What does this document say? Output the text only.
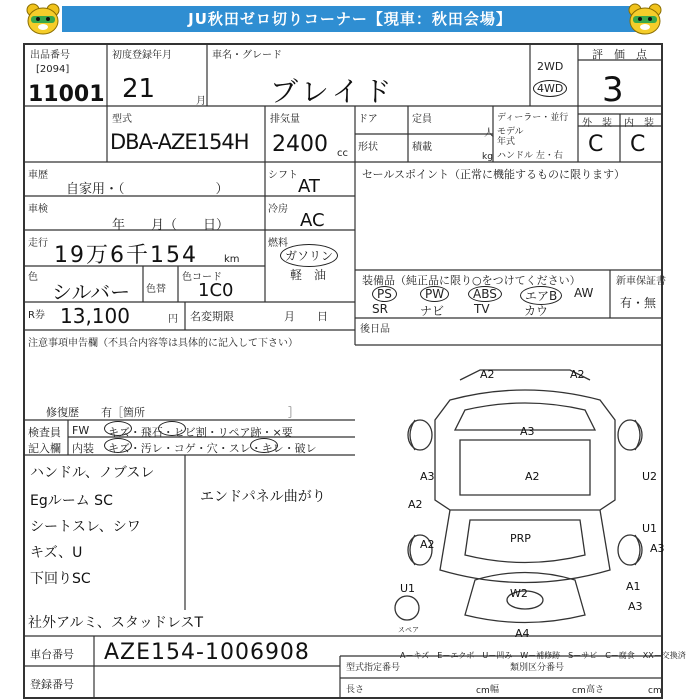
JU秋田ゼロ切りコーナー【現車：秋田会場】
出品番号
[2094]
11001
初度登録年月
21	月
車名・グレード
ブレイド
2WD
4WD
評　価　点
3
外　装 内　装
C C
型式
DBA-AZE154H
排気量
2400 cc
ドア	定員
人
形状	積載
kg
ディーラー・並行
モデル
年式
ハンドル 左・右
車歴
自家用・（　　　　　　　）
シフト
AT
セールスポイント（正常に機能するものに限ります）
車検
年　　月（　　日）
冷房
AC
走行 19万6千154	km
燃料
ガソリン
軽　油
色
シルバー 色替
色コード
1C0	装備品（純正品に限り○をつけてください）	新車保証書
有・無
PS	PW	ABS	エアB	AW
SR	ナビ TV	カウ
R券 13,100	円 名変期限	月　　日
後日品
注意事項申告欄（不具合内容等は具体的に記入して下さい）
修復歴　　有［箇所　　　　　　　　　　　　　］
検査員
記入欄
FW
内装
キズ・飛石・ヒビ割・リペア跡・×要
キズ・汚レ・コゲ・穴・スレ・キレ・破レ
ハンドル、ノブスレ
Egルーム SC
シートスレ、シワ
キズ、U
下回りSC
社外アルミ、スタッドレスT
エンドパネル曲がり
A2	A2
A3
A3	A2	U2
A2
A2
U1
A3
U1	A1
A3
PRP
W2
A4
スペア
A－キズ　E－エクボ　U－凹み　W－補修跡　S－サビ　C－腐食　XX－交換済
車台番号 AZE154-1006908
登録番号
型式指定番号	類別区分番号
長さ	cm 幅	cm 高さ	cm
